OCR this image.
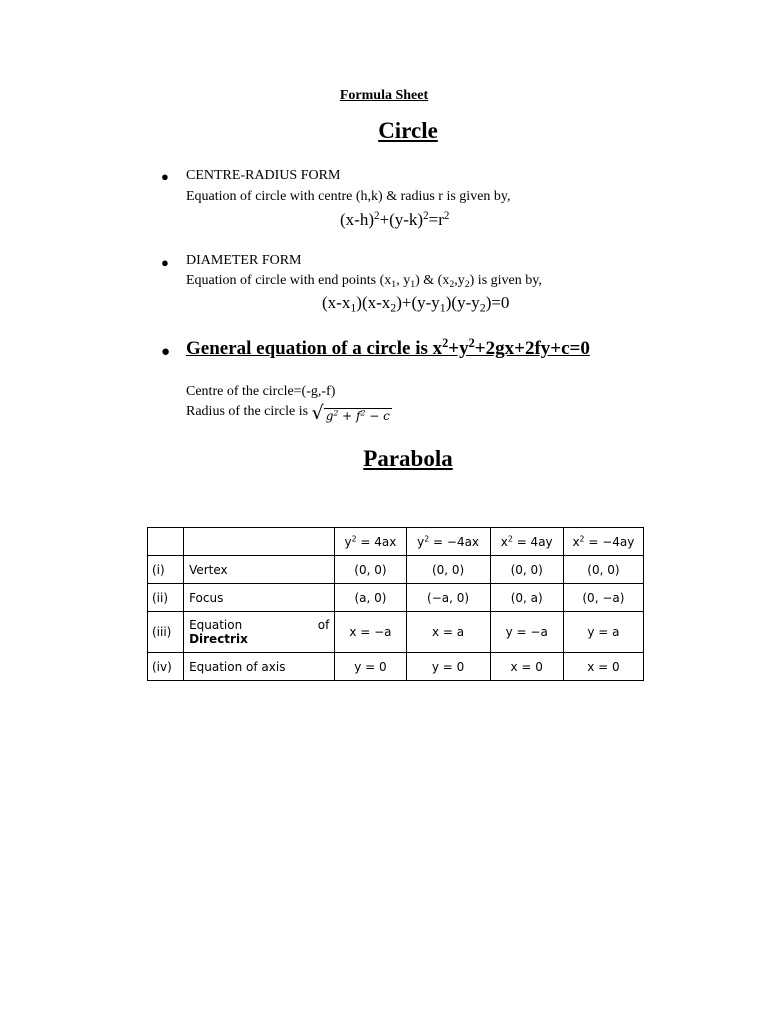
Formula Sheet
Circle
● CENTRE-RADIUS FORM
Equation of circle with centre (h,k) & radius r is given by,
$(x-h)^2+(y-k)^2=r^2$
● DIAMETER FORM
Equation of circle with end points ($x_1$, $y_1$) & $(x_2,y_2)$ is given by,
$(x-x_1)(x-x_2)+(y-y_1)(y-y_2)=0$
● General equation of a circle is $x^2+y^2+2gx+2fy+c=0$
Centre of the circle=(-g,-f)
Radius of the circle is √ $g^2 + f^2 - c$
Parabola
		$y^2 = 4ax$	$y^2 = -4ax$	$x^2 = 4ay$	$x^2 = -4ay$
(i)	Vertex	(0, 0)	(0, 0)	(0, 0)	(0, 0)
(ii)	Focus	(a, 0)	(−a, 0)	(0, a)	(0, −a)
(iii)	Equation of
Directrix	x = −a	x = a	y = −a	y = a
(iv)	Equation of axis	y = 0	y = 0	x = 0	x = 0
